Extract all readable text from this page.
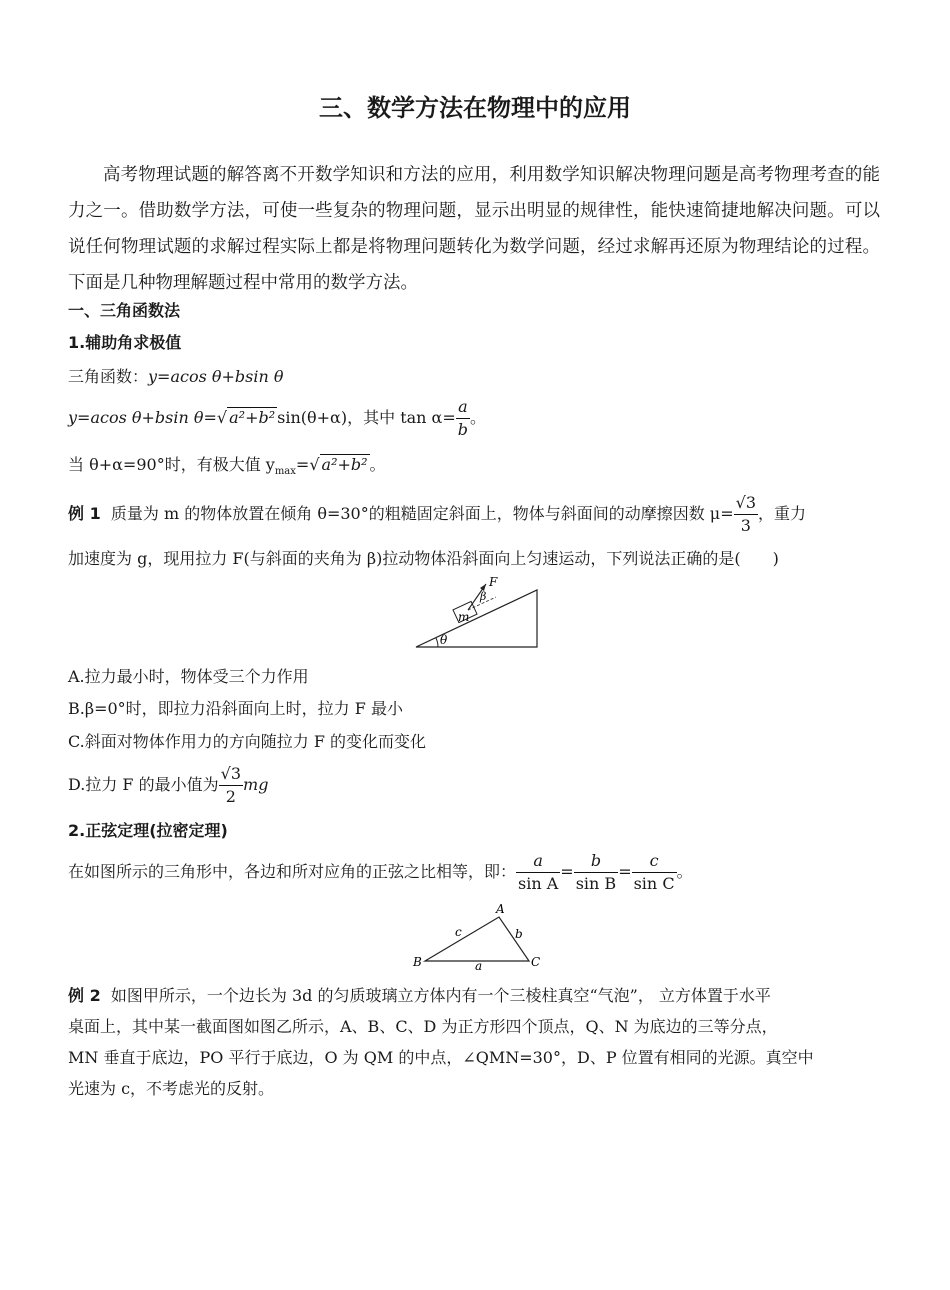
三、数学方法在物理中的应用

高考物理试题的解答离不开数学知识和方法的应用，利用数学知识解决物理问题是高考物理考查的能力之一。借助数学方法，可使一些复杂的物理问题，显示出明显的规律性，能快速简捷地解决问题。可以说任何物理试题的求解过程实际上都是将物理问题转化为数学问题，经过求解再还原为物理结论的过程。下面是几种物理解题过程中常用的数学方法。

一、三角函数法
1.辅助角求极值
三角函数：y=acos θ+bsin θ
y=acos θ+bsin θ=√ a²+b² sin(θ+α)，其中 $\tan \alpha= \frac{a}{b}$ 。
当 θ+α=90°时，有极大值 $y_{max}=√$ a²+b² 。
例 1 质量为 m 的物体放置在倾角 θ=30°的粗糙固定斜面上，物体与斜面间的动摩擦因数 $\mu= \frac{√3}{3}$ ，重力
加速度为 g，现用拉力 F(与斜面的夹角为 β)拉动物体沿斜面向上匀速运动，下列说法正确的是(　　)
θ
m
F
β
A.拉力最小时，物体受三个力作用
B.β=0°时，即拉力沿斜面向上时，拉力 F 最小
C.斜面对物体作用力的方向随拉力 F 的变化而变化
D.拉力 F 的最小值为 $\frac{√3}{2}$ mg
2.正弦定理(拉密定理)
在如图所示的三角形中，各边和所对应角的正弦之比相等，即： $\frac{a}{\text{sin A}} = \frac{b}{\text{sin B}} = \frac{c}{\text{sin C}}$ 。
A
B	C
a
b
c

例 2 如图甲所示，一个边长为 3d 的匀质玻璃立方体内有一个三棱柱真空“气泡”， 立方体置于水平

桌面上，其中某一截面图如图乙所示，A、B、C、D 为正方形四个顶点，Q、N 为底边的三等分点，

MN 垂直于底边，PO 平行于底边，O 为 QM 的中点，∠QMN=30°，D、P 位置有相同的光源。真空中

光速为 c，不考虑光的反射。
